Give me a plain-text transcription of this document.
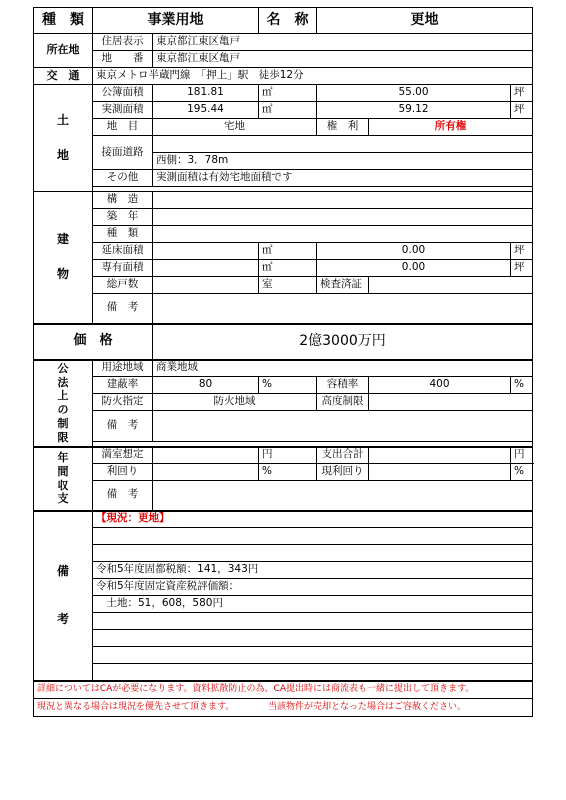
種　類	事業用地		名　称	更地		
所在地	住居表示	東京都江東区亀戸				
	地　　番	東京都江東区亀戸				
交　通	東京メトロ半蔵門線　「押上」駅　徒歩12分					

土
地	公簿面積	181.81	㎡	55.00		坪
	実測面積	195.44	㎡	59.12		坪
	地　目	宅地		権　利	所有権	
	接面道路					
		西側：3．78m				
	その他	実測面積は有効宅地面積です				

建
物	構　造					
	築　年					
	種　類					
	延床面積		㎡	0.00		坪
	専有面積		㎡	0.00		坪
	総戸数		室	検査済証		
	備　考					
価　格		2億3000万円				

公法上の制限	用途地域	商業地域				
	建蔽率	80	%	容積率	400	%
	防火指定	防火地域		高度制限		
	備　考					

年間収支	満室想定		円	支出合計		円
	利回り		%	現利回り		%
	備　考					

備
考	【現況：更地】					

	令和5年度固都税額：141，343円					
	令和5年度固定資産税評価額：					
	　土地：51，608，580円					

詳細についてはCAが必要になります。資料拡散防止の為、CA提出時には商流表も一緒に提出して頂きます。						
現況と異なる場合は現況を優先させて頂きます。 当該物件が売却となった場合はご容赦ください。						
